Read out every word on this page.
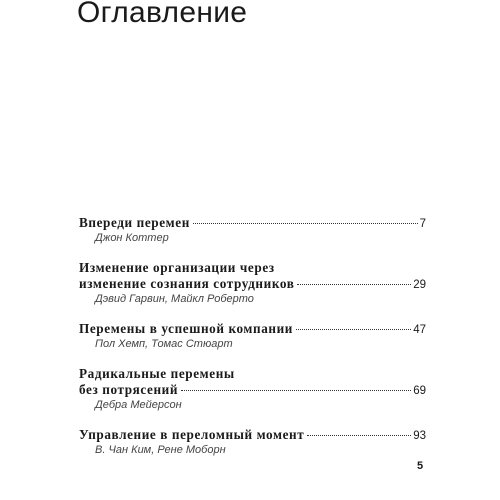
Оглавление
Впереди перемен	7
Джон Коттер
Изменение организации через
изменение сознания сотрудников	29
Дэвид Гарвин, Майкл Роберто
Перемены в успешной компании	47
Пол Хемп, Томас Стюарт
Радикальные перемены
без потрясений	69
Дебра Мейерсон
Управление в переломный момент	93
В. Чан Ким, Рене Моборн
5
